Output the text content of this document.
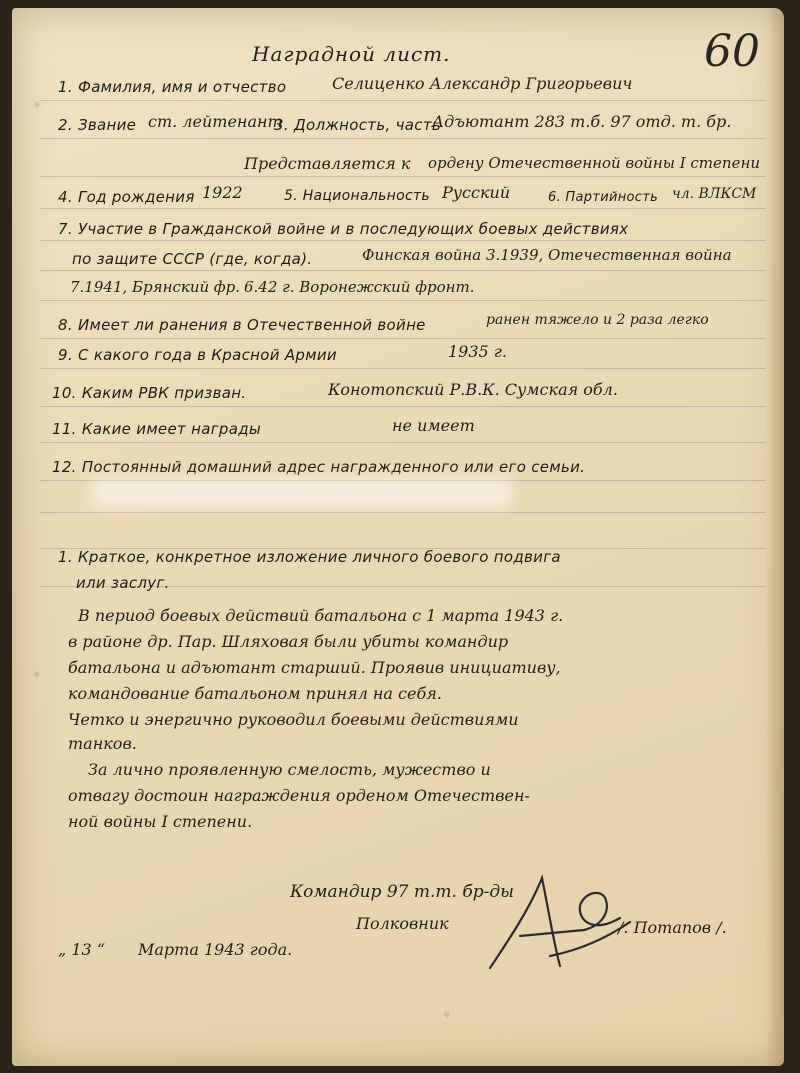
★
★
★
60
Наградной лист.
1. Фамилия, имя и отчество	Селиценко Александр Григорьевич
2. Звание ст. лейтенант
3. Должность, часть
Адъютант 283 т.б. 97 отд. т. бр.
Представляется к ордену Отечественной войны I степени
4. Год рождения 1922	5. Национальность Русский	6. Партийность чл. ВЛКСМ
7. Участие в Гражданской войне и в последующих боевых действиях
по защите СССР (где, когда).	Финская война 3.1939, Отечественная война
7.1941, Брянский фр. 6.42 г. Воронежский фронт.
8. Имеет ли ранения в Отечественной войне	ранен тяжело и 2 раза легко
9. С какого года в Красной Армии	1935 г.
10. Каким РВК призван.	Конотопский Р.В.К. Сумская обл.
11. Какие имеет награды	не имеет
12. Постоянный домашний адрес награжденного или его семьи.
1. Краткое, конкретное изложение личного боевого подвига
или заслуг.
В период боевых действий батальона с 1 марта 1943 г.
в районе др. Пар. Шляховая были убиты командир
батальона и адъютант старший. Проявив инициативу,
командование батальоном принял на себя.
Четко и энергично руководил боевыми действиями
танков.
За лично проявленную смелость, мужество и
отвагу достоин награждения орденом Отечествен-
ной войны I степени.
Командир 97 т.т. бр-ды
Полковник	/. Потапов /.
„ 13 “ Марта 1943 года.
